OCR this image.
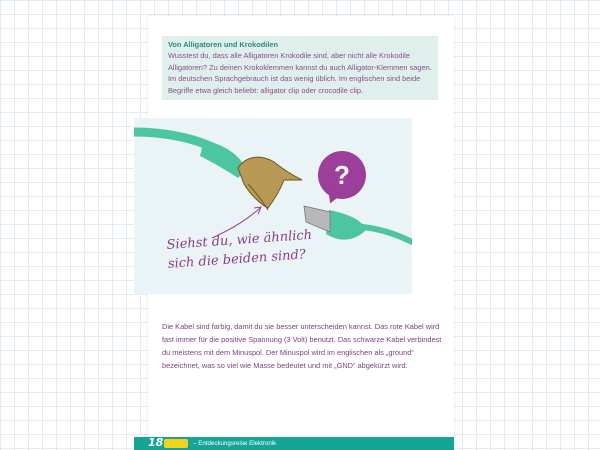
Von Alligatoren und Krokodilen
Wusstest du, dass alle Alligatoren Krokodile sind, aber nicht alle Krokodile Alligatoren? Zu deinen Krokoklemmen kannst du auch Alligator-Klemmen sagen. Im deutschen Sprachgebrauch ist das wenig üblich. Im englischen sind beide Begriffe etwa gleich beliebt: alligator clip oder crocodile clip.
?
Siehst du, wie ähnlich
sich die beiden sind?
Die Kabel sind farbig, damit du sie besser unterscheiden kannst. Das rote Kabel wird fast immer für die positive Spannung (3 Volt) benutzt. Das schwarze Kabel verbindest du meistens mit dem Minuspol. Der Minuspol wird im englischen als „ground“ bezeichnet, was so viel wie Masse bedeutet und mit „GND“ abgekürzt wird.
18	– Entdeckungsreise Elektronik
